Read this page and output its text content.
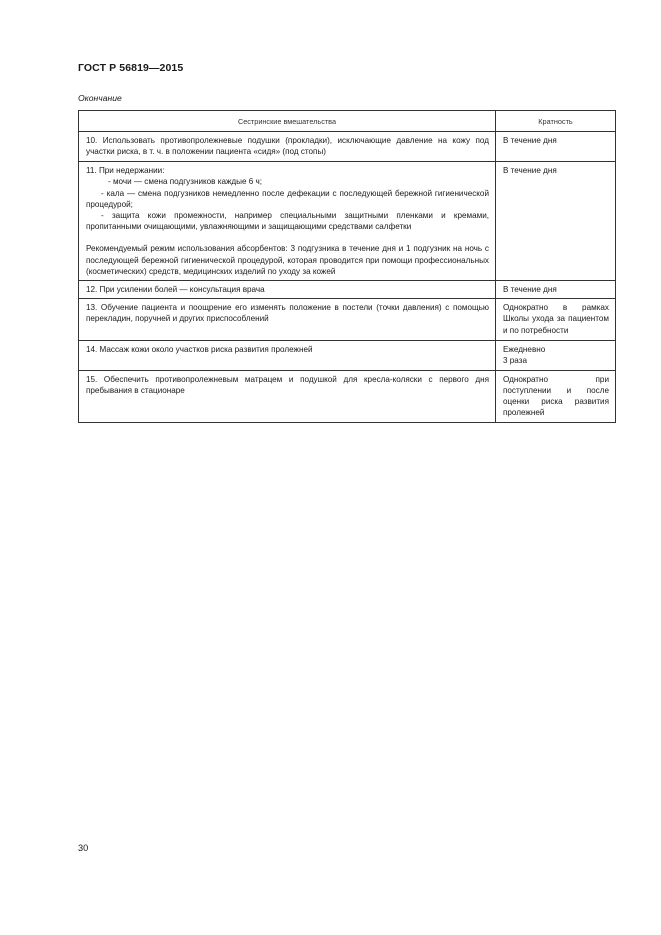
ГОСТ Р 56819—2015
Окончание
Сестринские вмешательства	Кратность
10. Использовать противопролежневые подушки (прокладки), исключающие давление на кожу под участки риска, в т. ч. в положении пациента «сидя» (под стопы)	В течение дня

11. При недержании:
- мочи — смена подгузников каждые 6 ч;
- кала — смена подгузников немедленно после дефекации с последующей бережной гигиенической процедурой;
- защита кожи промежности, например специальными защитными пленками и кремами, пропитанными очищающими, увлажняющими и защищающими средствами салфетки
Рекомендуемый режим использования абсорбентов: 3 подгузника в течение дня и 1 подгузник на ночь с последующей бережной гигиенической процедурой, которая проводится при помощи профессиональных (косметических) средств, медицинских изделий по уходу за кожей	В течение дня
12. При усилении болей — консультация врача	В течение дня
13. Обучение пациента и поощрение его изменять положение в постели (точки давления) с помощью перекладин, поручней и других приспособлений	Однократно в рамках Школы ухода за пациентом и по потребности
14. Массаж кожи около участков риска развития пролежней	Ежедневно
3 раза

15. Обеспечить противопролежневым матрацем и подушкой для кресла-коляски с первого дня пребывания в стационаре	Однократно при поступлении и после оценки риска развития пролежней
30
